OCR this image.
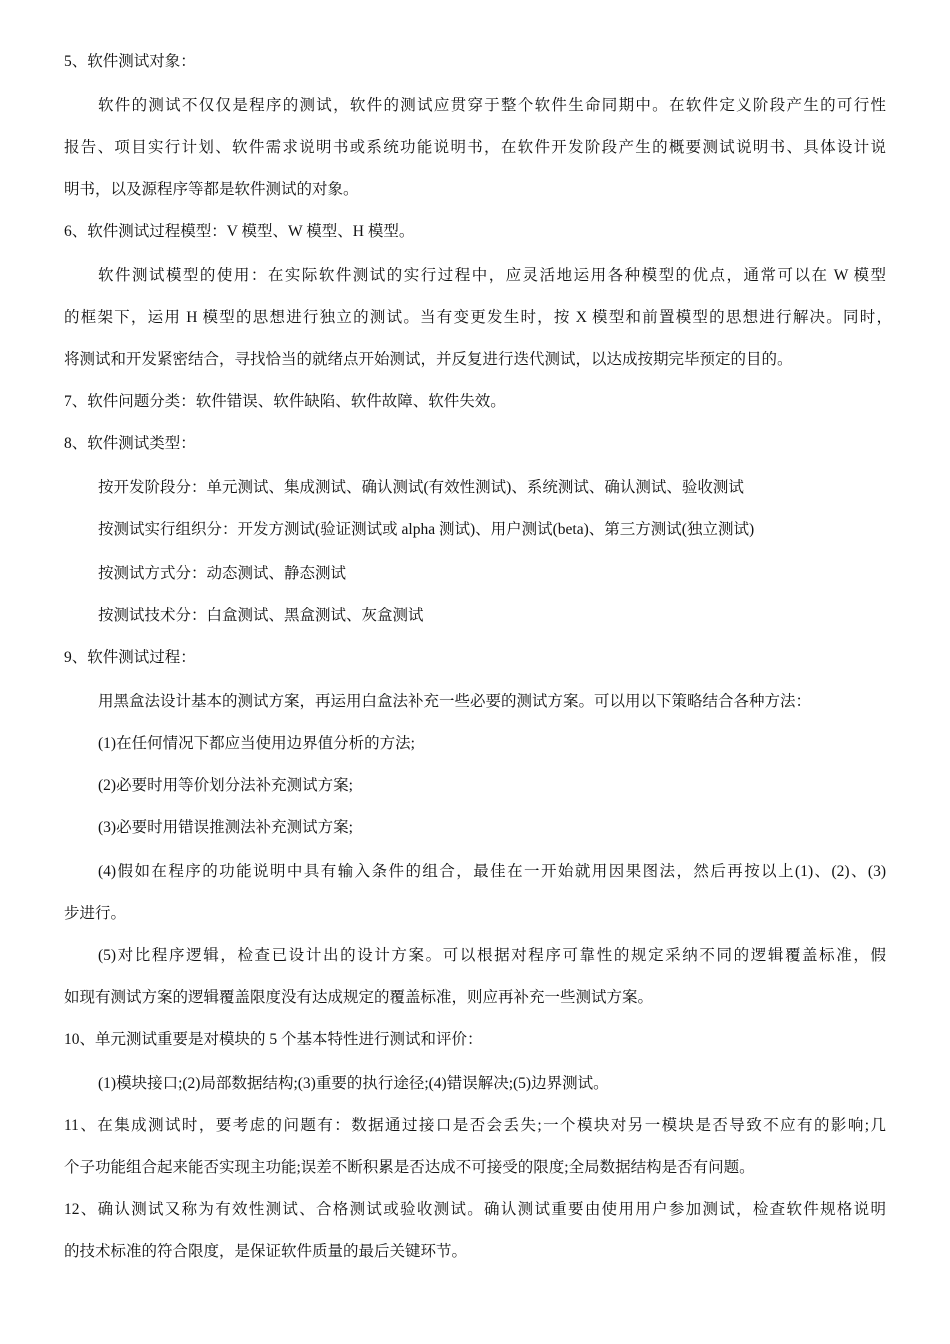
5、软件测试对象：

软件的测试不仅仅是程序的测试，软件的测试应贯穿于整个软件生命同期中。在软件定义阶段产生的可行性

报告、项目实行计划、软件需求说明书或系统功能说明书，在软件开发阶段产生的概要测试说明书、具体设计说

明书，以及源程序等都是软件测试的对象。

6、软件测试过程模型：V 模型、W 模型、H 模型。

软件测试模型的使用：在实际软件测试的实行过程中，应灵活地运用各种模型的优点，通常可以在 W 模型

的框架下，运用 H 模型的思想进行独立的测试。当有变更发生时，按 X 模型和前置模型的思想进行解决。同时，

将测试和开发紧密结合，寻找恰当的就绪点开始测试，并反复进行迭代测试，以达成按期完毕预定的目的。

7、软件问题分类：软件错误、软件缺陷、软件故障、软件失效。

8、软件测试类型：

按开发阶段分：单元测试、集成测试、确认测试(有效性测试)、系统测试、确认测试、验收测试

按测试实行组织分：开发方测试(验证测试或 alpha 测试)、用户测试(beta)、第三方测试(独立测试)

按测试方式分：动态测试、静态测试

按测试技术分：白盒测试、黑盒测试、灰盒测试

9、软件测试过程：

用黑盒法设计基本的测试方案，再运用白盒法补充一些必要的测试方案。可以用以下策略结合各种方法：

(1)在任何情况下都应当使用边界值分析的方法;

(2)必要时用等价划分法补充测试方案;

(3)必要时用错误推测法补充测试方案;

(4)假如在程序的功能说明中具有输入条件的组合，最佳在一开始就用因果图法，然后再按以上(1)、(2)、(3)

步进行。

(5)对比程序逻辑，检查已设计出的设计方案。可以根据对程序可靠性的规定采纳不同的逻辑覆盖标准，假

如现有测试方案的逻辑覆盖限度没有达成规定的覆盖标准，则应再补充一些测试方案。

10、单元测试重要是对模块的 5 个基本特性进行测试和评价：

(1)模块接口;(2)局部数据结构;(3)重要的执行途径;(4)错误解决;(5)边界测试。

11、在集成测试时，要考虑的问题有：数据通过接口是否会丢失;一个模块对另一模块是否导致不应有的影响;几

个子功能组合起来能否实现主功能;误差不断积累是否达成不可接受的限度;全局数据结构是否有问题。

12、确认测试又称为有效性测试、合格测试或验收测试。确认测试重要由使用用户参加测试，检查软件规格说明

的技术标准的符合限度，是保证软件质量的最后关键环节。
